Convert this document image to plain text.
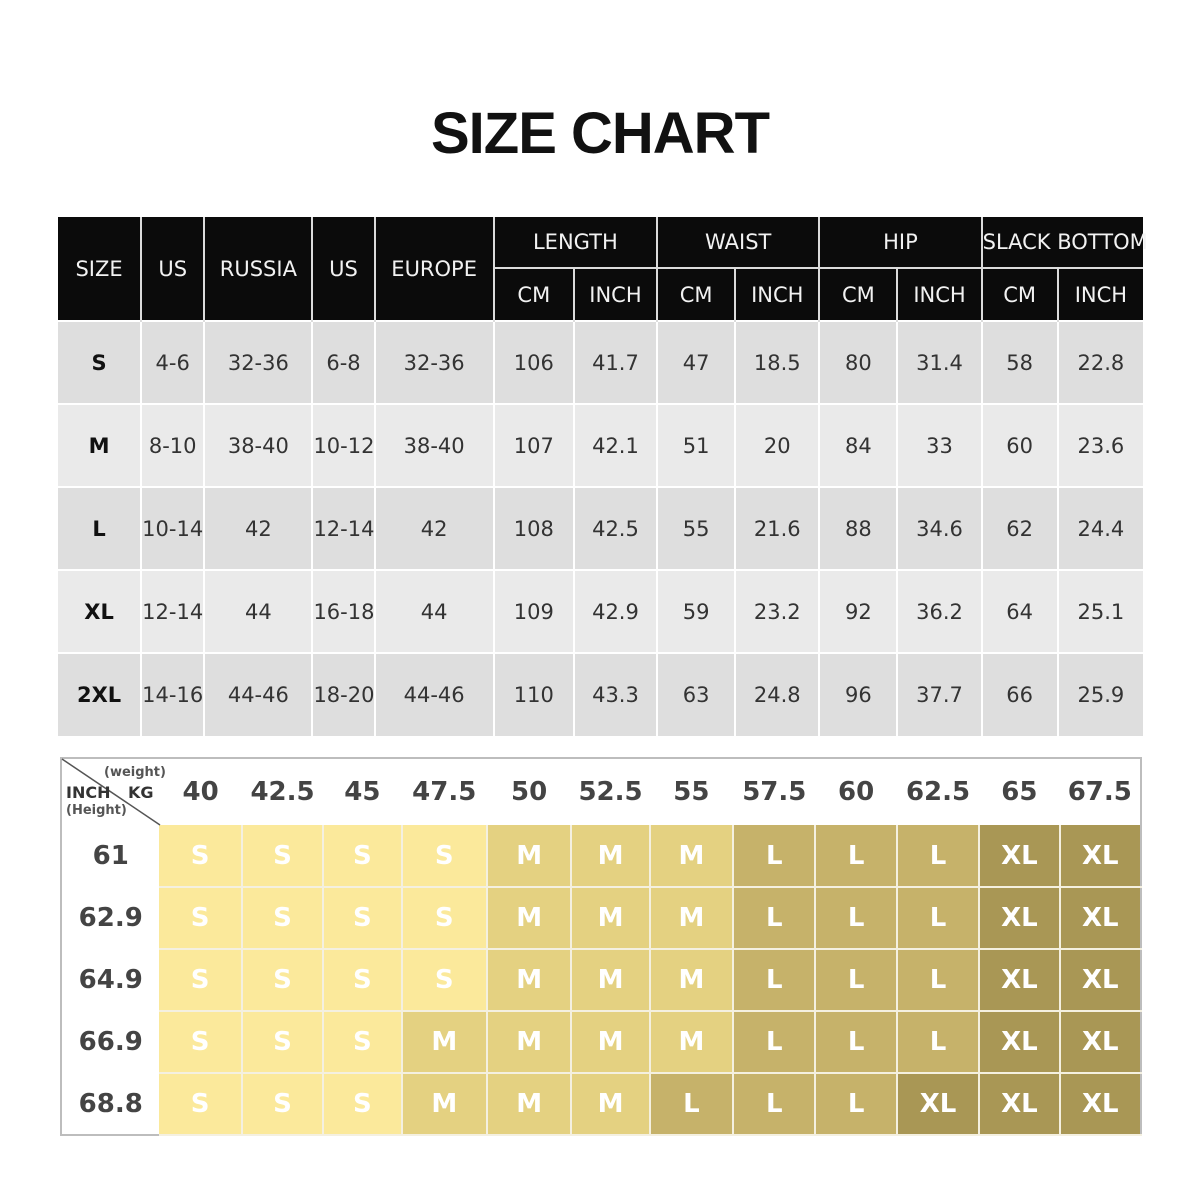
SIZE CHART
SIZE	US	RUSSIA	US	EUROPE	LENGTH		WAIST		HIP		SLACK BOTTOM	
					CM	INCH	CM	INCH	CM	INCH	CM	INCH
S	4-6	32-36	6-8	32-36	106	41.7	47	18.5	80	31.4	58	22.8
M	8-10	38-40	10-12	38-40	107	42.1	51	20	84	33	60	23.6
L	10-14	42	12-14	42	108	42.5	55	21.6	88	34.6	62	24.4
XL	12-14	44	16-18	44	109	42.9	59	23.2	92	36.2	64	25.1
2XL	14-16	44-46	18-20	44-46	110	43.3	63	24.8	96	37.7	66	25.9
(weight)
INCH KG
(Height)	40	42.5	45	47.5	50	52.5	55	57.5	60	62.5	65	67.5
61	S	S	S	S	M	M	M	L	L	L	XL	XL
62.9	S	S	S	S	M	M	M	L	L	L	XL	XL
64.9	S	S	S	S	M	M	M	L	L	L	XL	XL
66.9	S	S	S	M	M	M	M	L	L	L	XL	XL
68.8	S	S	S	M	M	M	L	L	L	XL	XL	XL
